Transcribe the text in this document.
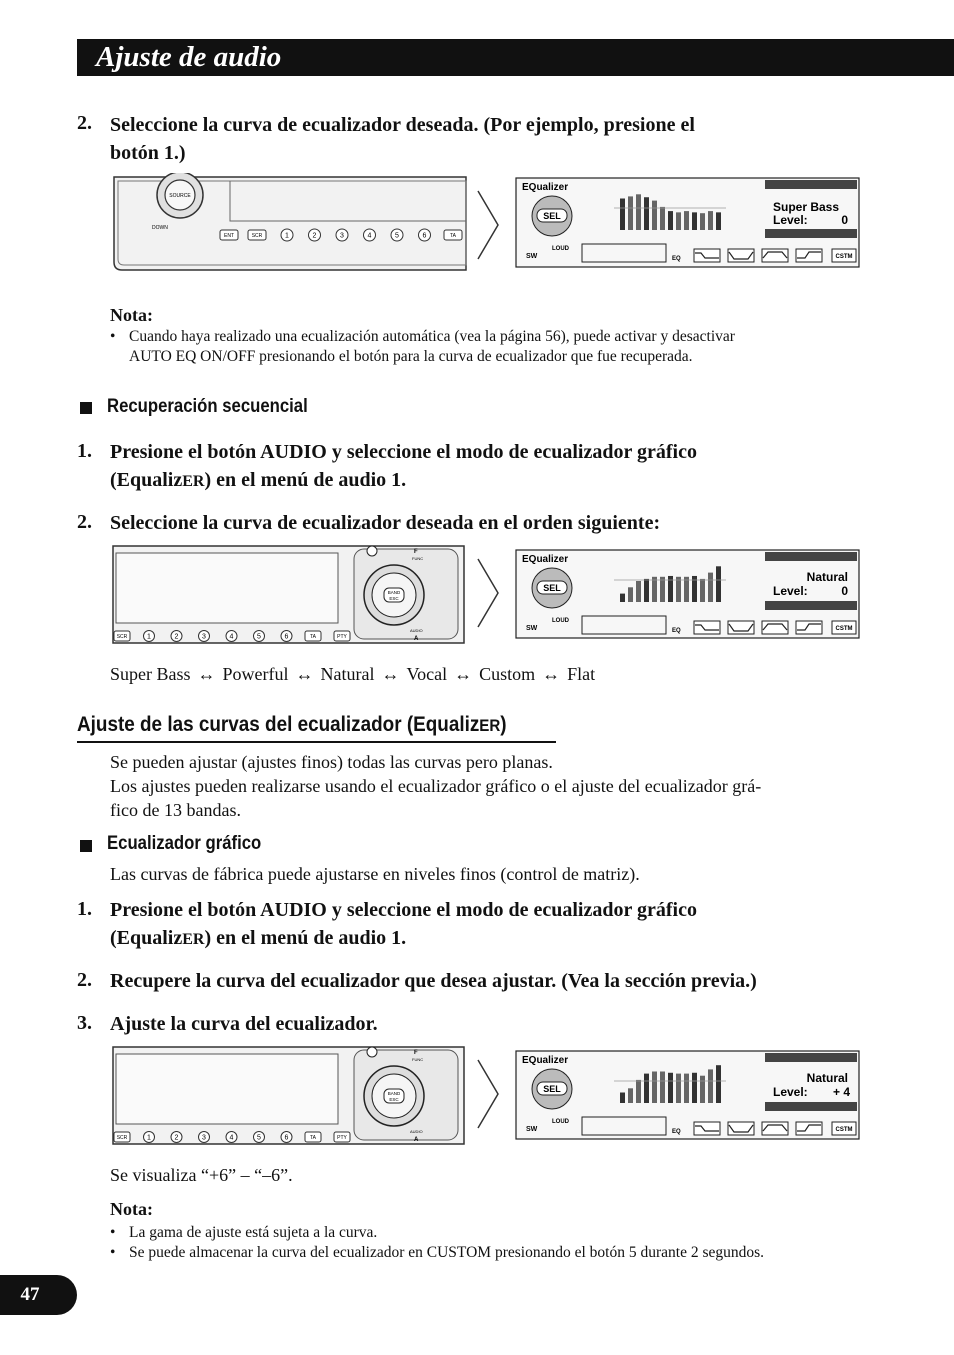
Ajuste de audio
2. Seleccione la curva de ecualizador deseada. (Por ejemplo, presione el
botón 1.)
SOURCE
DOWN
ENT	SCR	1	2	3	4	5	6	TA
EQualizer
SEL
Super Bass
Level:	0
SW
LOUD
EQ	CSTM
Nota:
• Cuando haya realizado una ecualización automática (vea la página 56), puede activar y desactivar
AUTO EQ ON/OFF presionando el botón para la curva de ecualizador que fue recuperada.
Recuperación secuencial
1. Presione el botón AUDIO y seleccione el modo de ecualizador gráfico
(EqualizER) en el menú de audio 1.
2. Seleccione la curva de ecualizador deseada en el orden siguiente:
BAND
ESC
F
FUNC
AUDIO
A
SCR	1	2	3	4	5	6	TA	PTY
EQualizer
SEL
Natural
Level:	0
SW
LOUD
EQ	CSTM
Super Bass ↔ Powerful ↔ Natural ↔ Vocal ↔ Custom ↔ Flat
Ajuste de las curvas del ecualizador (EqualizER)
Se pueden ajustar (ajustes finos) todas las curvas pero planas.
Los ajustes pueden realizarse usando el ecualizador gráfico o el ajuste del ecualizador grá-
fico de 13 bandas.
Ecualizador gráfico
Las curvas de fábrica puede ajustarse en niveles finos (control de matriz).
1. Presione el botón AUDIO y seleccione el modo de ecualizador gráfico
(EqualizER) en el menú de audio 1.
2. Recupere la curva del ecualizador que desea ajustar. (Vea la sección previa.)
3. Ajuste la curva del ecualizador.
BAND
ESC
F
FUNC
AUDIO
A
SCR	1	2	3	4	5	6	TA	PTY
EQualizer
SEL
Natural
Level: + 4
SW
LOUD
EQ	CSTM
Se visualiza “+6” – “–6”.
Nota:
• La gama de ajuste está sujeta a la curva.
• Se puede almacenar la curva del ecualizador en CUSTOM presionando el botón 5 durante 2 segundos.
47
